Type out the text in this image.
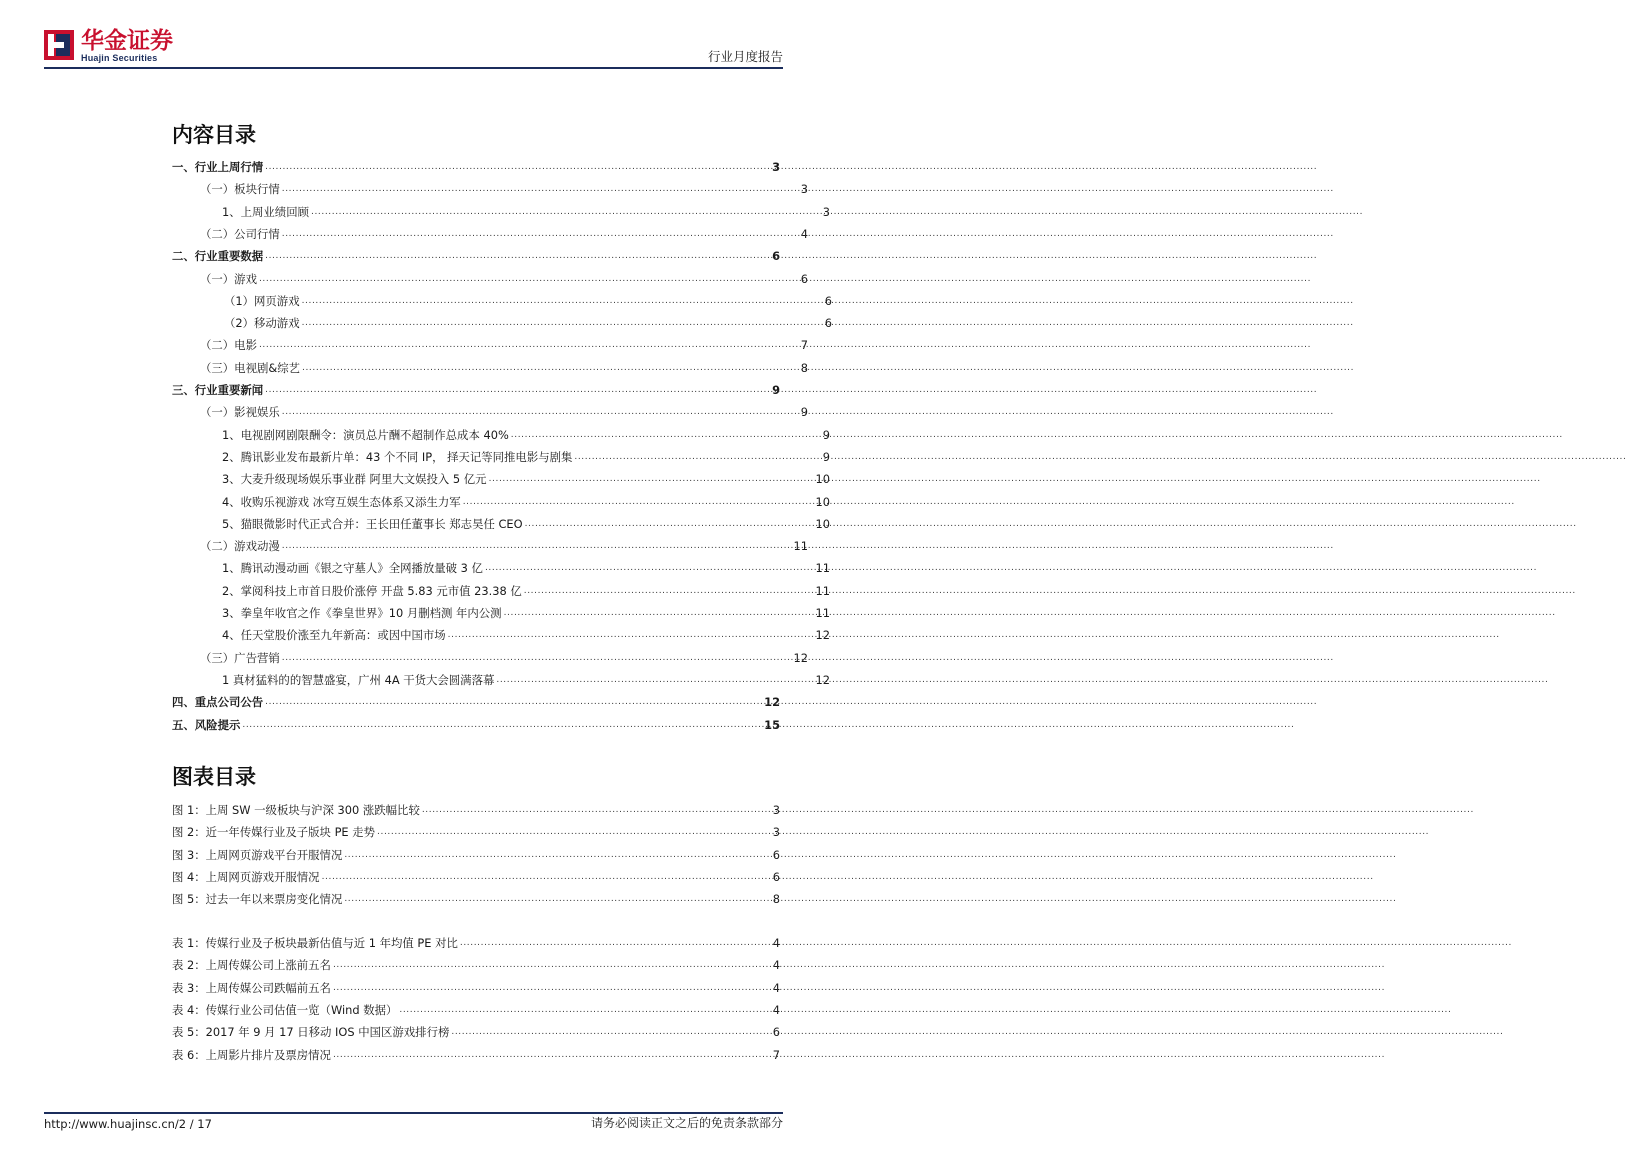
华金证券
Huajin Securities	行业月度报告
内容目录
一、行业上周行情 .....	3
（一）板块行情 .....	3
1、上周业绩回顾 .....	3
（二）公司行情 .....	4
二、行业重要数据 .....	6
（一）游戏 .....	6
（1）网页游戏 .....	6
（2）移动游戏 .....	6
（二）电影 .....	7
（三）电视剧&综艺 .....	8
三、行业重要新闻 .....	9
（一）影视娱乐 .....	9
1、电视剧网剧限酬令：演员总片酬不超制作总成本 40% .....	9
2、腾讯影业发布最新片单：43 个不同 IP， 择天记等同推电影与剧集 .....	9
3、大麦升级现场娱乐事业群 阿里大文娱投入 5 亿元 .....	10
4、收购乐视游戏 冰穹互娱生态体系又添生力军 .....	10
5、猫眼微影时代正式合并：王长田任董事长 郑志昊任 CEO .....	10
（二）游戏动漫 .....	11
1、腾讯动漫动画《银之守墓人》全网播放量破 3 亿 .....	11
2、掌阅科技上市首日股价涨停 开盘 5.83 元市值 23.38 亿 .....	11
3、拳皇年收官之作《拳皇世界》10 月删档测 年内公测 .....	11
4、任天堂股价涨至九年新高：或因中国市场 .....	12
（三）广告营销 .....	12
1 真材猛料的的智慧盛宴，广州 4A 干货大会圆满落幕 .....	12
四、重点公司公告 .....	12
五、风险提示 .....	15
图表目录
图 1：上周 SW 一级板块与沪深 300 涨跌幅比较 .....	3
图 2：近一年传媒行业及子版块 PE 走势 .....	3
图 3：上周网页游戏平台开服情况 .....	6
图 4：上周网页游戏开服情况 .....	6
图 5：过去一年以来票房变化情况 .....	8
表 1：传媒行业及子板块最新估值与近 1 年均值 PE 对比 .....	4
表 2：上周传媒公司上涨前五名 .....	4
表 3：上周传媒公司跌幅前五名 .....	4
表 4：传媒行业公司估值一览（Wind 数据） .....	4
表 5：2017 年 9 月 17 日移动 IOS 中国区游戏排行榜 .....	6
表 6：上周影片排片及票房情况 .....	7
http://www.huajinsc.cn/2 / 17	请务必阅读正文之后的免责条款部分
